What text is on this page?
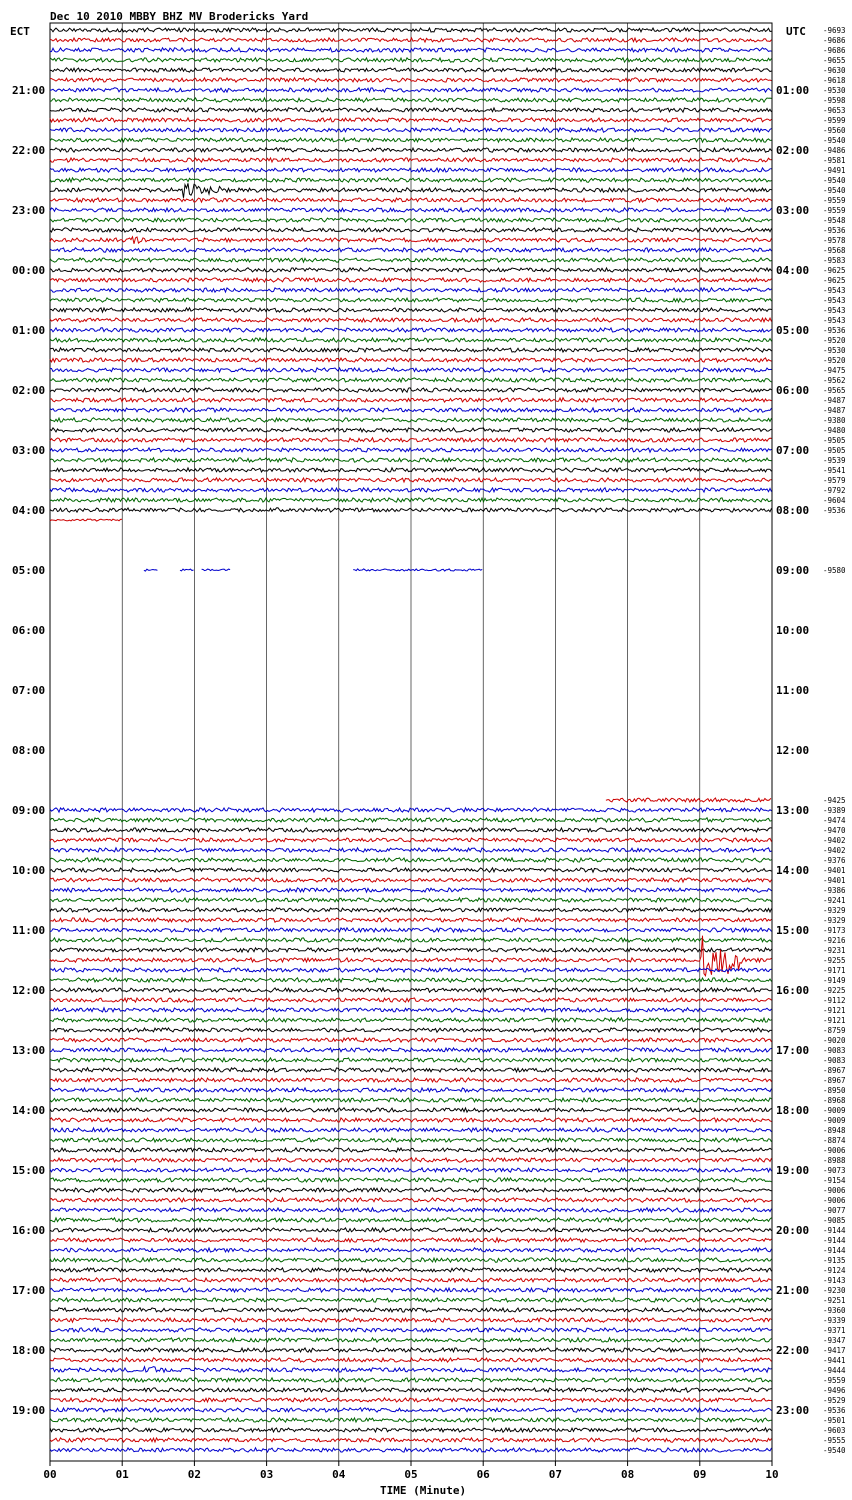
Dec 10 2010 MBBY BHZ MV Brodericks Yard
ECT	UTC
00	01	02	03	04	05	06	07	08	09	10
21:00	01:00
22:00	02:00
23:00	03:00
00:00	04:00
01:00	05:00
02:00	06:00
03:00	07:00
04:00	08:00
05:00	09:00
06:00	10:00
07:00	11:00
08:00	12:00
09:00	13:00
10:00	14:00
11:00	15:00
12:00	16:00
13:00	17:00
14:00	18:00
15:00	19:00
16:00	20:00
17:00	21:00
18:00	22:00
19:00	23:00
-9693
-9686
-9686
-9655
-9630
-9618
-9530
-9598
-9653
-9599
-9560
-9540
-9486
-9581
-9491
-9540
-9540
-9559
-9559
-9548
-9536
-9578
-9568
-9583
-9625
-9625
-9543
-9543
-9543
-9543
-9536
-9520
-9530
-9520
-9475
-9562
-9565
-9487
-9487
-9380
-9480
-9505
-9505
-9539
-9541
-9579
-9792
-9604
-9536
-9580
-9425
-9389
-9474
-9470
-9402
-9402
-9376
-9401
-9401
-9386
-9241
-9329
-9329
-9173
-9216
-9231
-9255
-9171
-9149
-9225
-9112
-9121
-9121
-8759
-9020
-9083
-9083
-8967
-8967
-8950
-8968
-9009
-9009
-8948
-8874
-9006
-8988
-9073
-9154
-9006
-9006
-9077
-9085
-9144
-9144
-9144
-9135
-9124
-9143
-9230
-9251
-9360
-9339
-9371
-9347
-9417
-9441
-9444
-9559
-9496
-9529
-9536
-9501
-9603
-9555
-9540
TIME (Minute)
